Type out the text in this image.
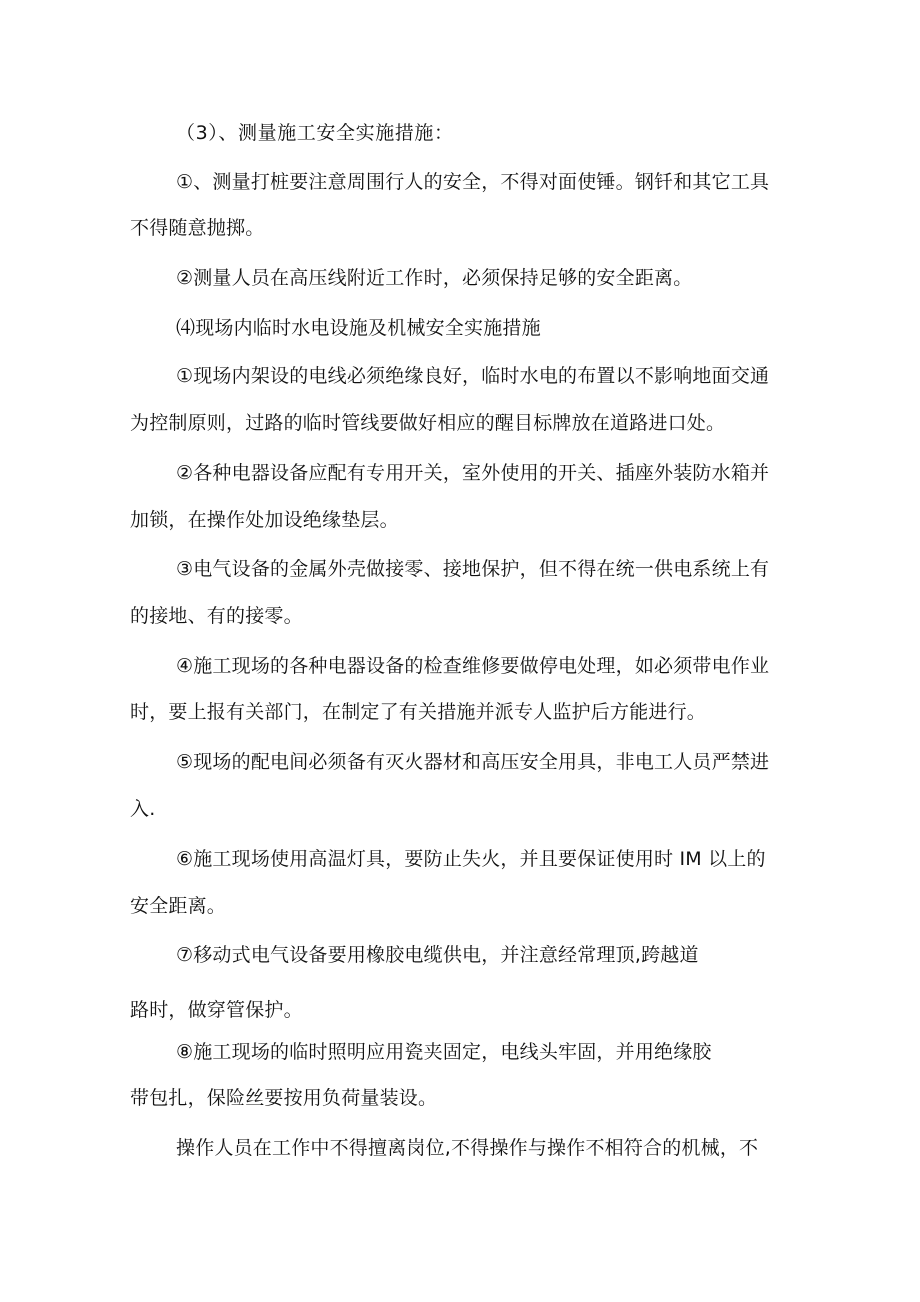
（3）、测量施工安全实施措施：

①、测量打桩要注意周围行人的安全，不得对面使锤。钢钎和其它工具

不得随意抛掷。

②测量人员在高压线附近工作时，必须保持足够的安全距离。

⑷现场内临时水电设施及机械安全实施措施

①现场内架设的电线必须绝缘良好，临时水电的布置以不影响地面交通

为控制原则，过路的临时管线要做好相应的醒目标牌放在道路进口处。

②各种电器设备应配有专用开关，室外使用的开关、插座外装防水箱并

加锁，在操作处加设绝缘垫层。

③电气设备的金属外壳做接零、接地保护，但不得在统一供电系统上有

的接地、有的接零。

④施工现场的各种电器设备的检查维修要做停电处理，如必须带电作业

时，要上报有关部门，在制定了有关措施并派专人监护后方能进行。

⑤现场的配电间必须备有灭火器材和高压安全用具，非电工人员严禁进

入.

⑥施工现场使用高温灯具，要防止失火，并且要保证使用时 IM 以上的

安全距离。

⑦移动式电气设备要用橡胶电缆供电，并注意经常理顶,跨越道

路时，做穿管保护。

⑧施工现场的临时照明应用瓷夹固定，电线头牢固，并用绝缘胶

带包扎，保险丝要按用负荷量装设。

操作人员在工作中不得擅离岗位,不得操作与操作不相符合的机械，不
